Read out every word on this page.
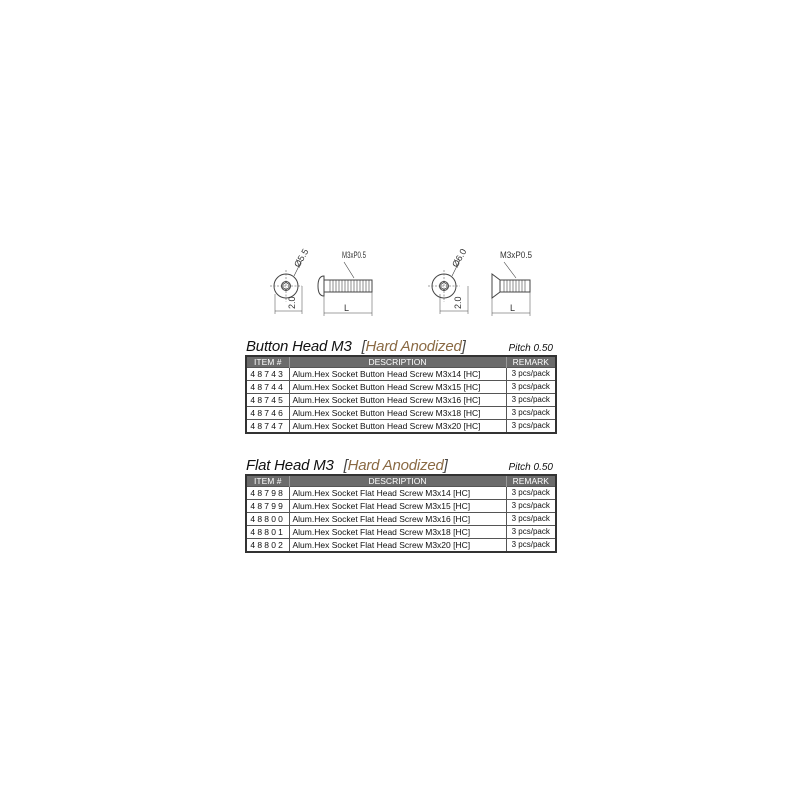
Ø5.5
2.0
M3xP0.5
L
Ø6.0
2.0
M3xP0.5
L
Button Head M3 [Hard Anodized]	Pitch 0.50
ITEM #	DESCRIPTION	REMARK
48743	Alum.Hex Socket Button Head Screw M3x14 [HC]	3 pcs/pack
48744	Alum.Hex Socket Button Head Screw M3x15 [HC]	3 pcs/pack
48745	Alum.Hex Socket Button Head Screw M3x16 [HC]	3 pcs/pack
48746	Alum.Hex Socket Button Head Screw M3x18 [HC]	3 pcs/pack
48747	Alum.Hex Socket Button Head Screw M3x20 [HC]	3 pcs/pack
Flat Head M3 [Hard Anodized]	Pitch 0.50
ITEM #	DESCRIPTION	REMARK
48798	Alum.Hex Socket Flat Head Screw M3x14 [HC]	3 pcs/pack
48799	Alum.Hex Socket Flat Head Screw M3x15 [HC]	3 pcs/pack
48800	Alum.Hex Socket Flat Head Screw M3x16 [HC]	3 pcs/pack
48801	Alum.Hex Socket Flat Head Screw M3x18 [HC]	3 pcs/pack
48802	Alum.Hex Socket Flat Head Screw M3x20 [HC]	3 pcs/pack
